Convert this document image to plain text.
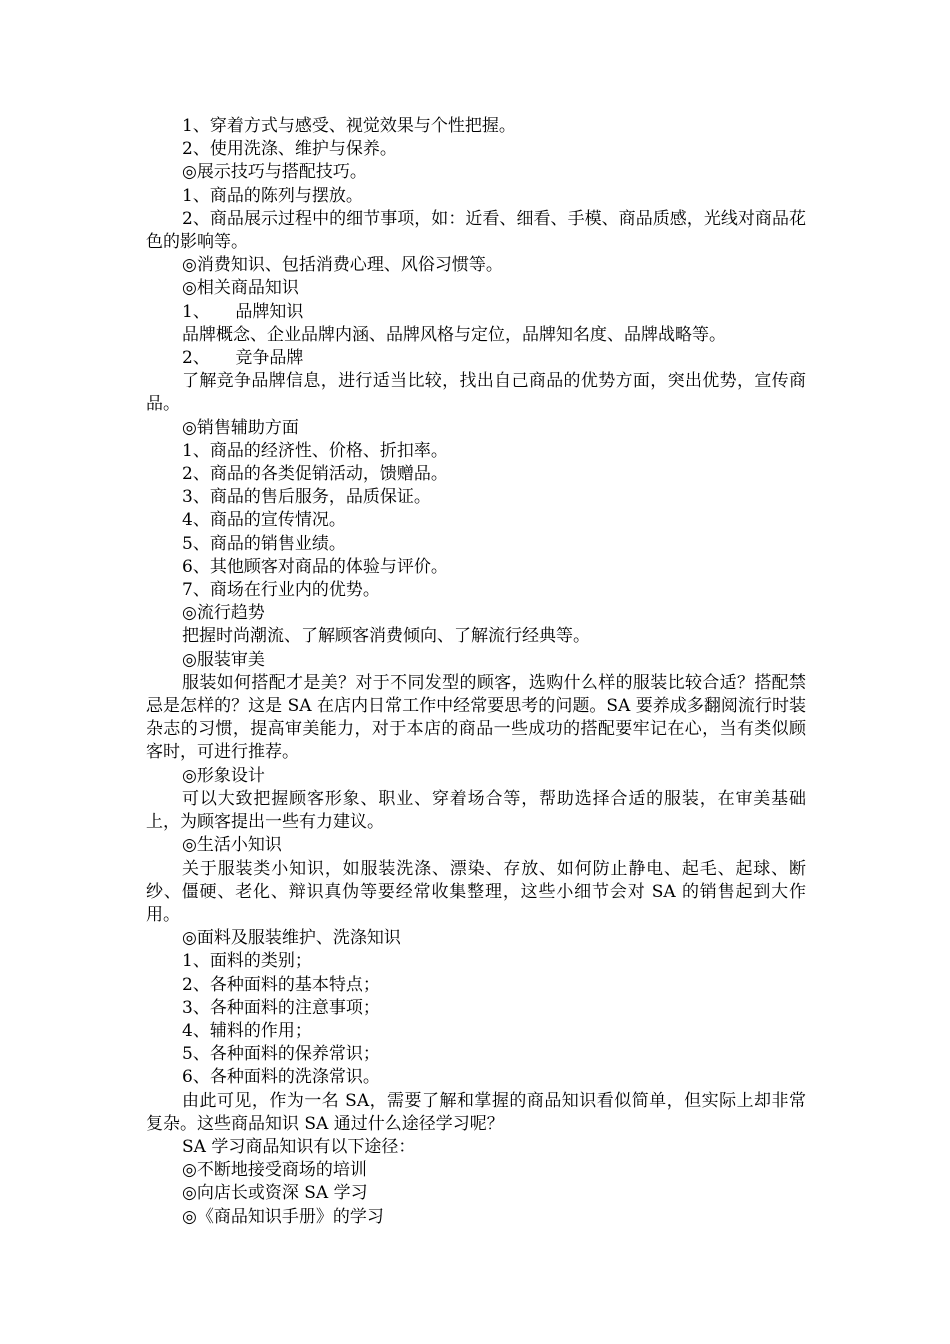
1、穿着方式与感受、视觉效果与个性把握。

2、使用洗涤、维护与保养。

◎展示技巧与搭配技巧。

1、商品的陈列与摆放。

2、商品展示过程中的细节事项，如：近看、细看、手模、商品质感，光线对商品花色的影响等。

◎消费知识、包括消费心理、风俗习惯等。

◎相关商品知识

1、　　品牌知识

品牌概念、企业品牌内涵、品牌风格与定位，品牌知名度、品牌战略等。

2、　　竞争品牌

了解竞争品牌信息，进行适当比较，找出自己商品的优势方面，突出优势，宣传商品。

◎销售辅助方面

1、商品的经济性、价格、折扣率。

2、商品的各类促销活动，馈赠品。

3、商品的售后服务，品质保证。

4、商品的宣传情况。

5、商品的销售业绩。

6、其他顾客对商品的体验与评价。

7、商场在行业内的优势。

◎流行趋势

把握时尚潮流、了解顾客消费倾向、了解流行经典等。

◎服装审美

服装如何搭配才是美？对于不同发型的顾客，选购什么样的服装比较合适？搭配禁忌是怎样的？这是 SA 在店内日常工作中经常要思考的问题。SA 要养成多翻阅流行时装杂志的习惯，提高审美能力，对于本店的商品一些成功的搭配要牢记在心，当有类似顾客时，可进行推荐。

◎形象设计

可以大致把握顾客形象、职业、穿着场合等，帮助选择合适的服装，在审美基础上，为顾客提出一些有力建议。

◎生活小知识

关于服装类小知识，如服装洗涤、漂染、存放、如何防止静电、起毛、起球、断纱、僵硬、老化、辩识真伪等要经常收集整理，这些小细节会对 SA 的销售起到大作用。

◎面料及服装维护、洗涤知识

1、面料的类别；

2、各种面料的基本特点；

3、各种面料的注意事项；

4、辅料的作用；

5、各种面料的保养常识；

6、各种面料的洗涤常识。

由此可见，作为一名 SA，需要了解和掌握的商品知识看似简单，但实际上却非常复杂。这些商品知识 SA 通过什么途径学习呢？

SA 学习商品知识有以下途径：

◎不断地接受商场的培训

◎向店长或资深 SA 学习

◎《商品知识手册》的学习
